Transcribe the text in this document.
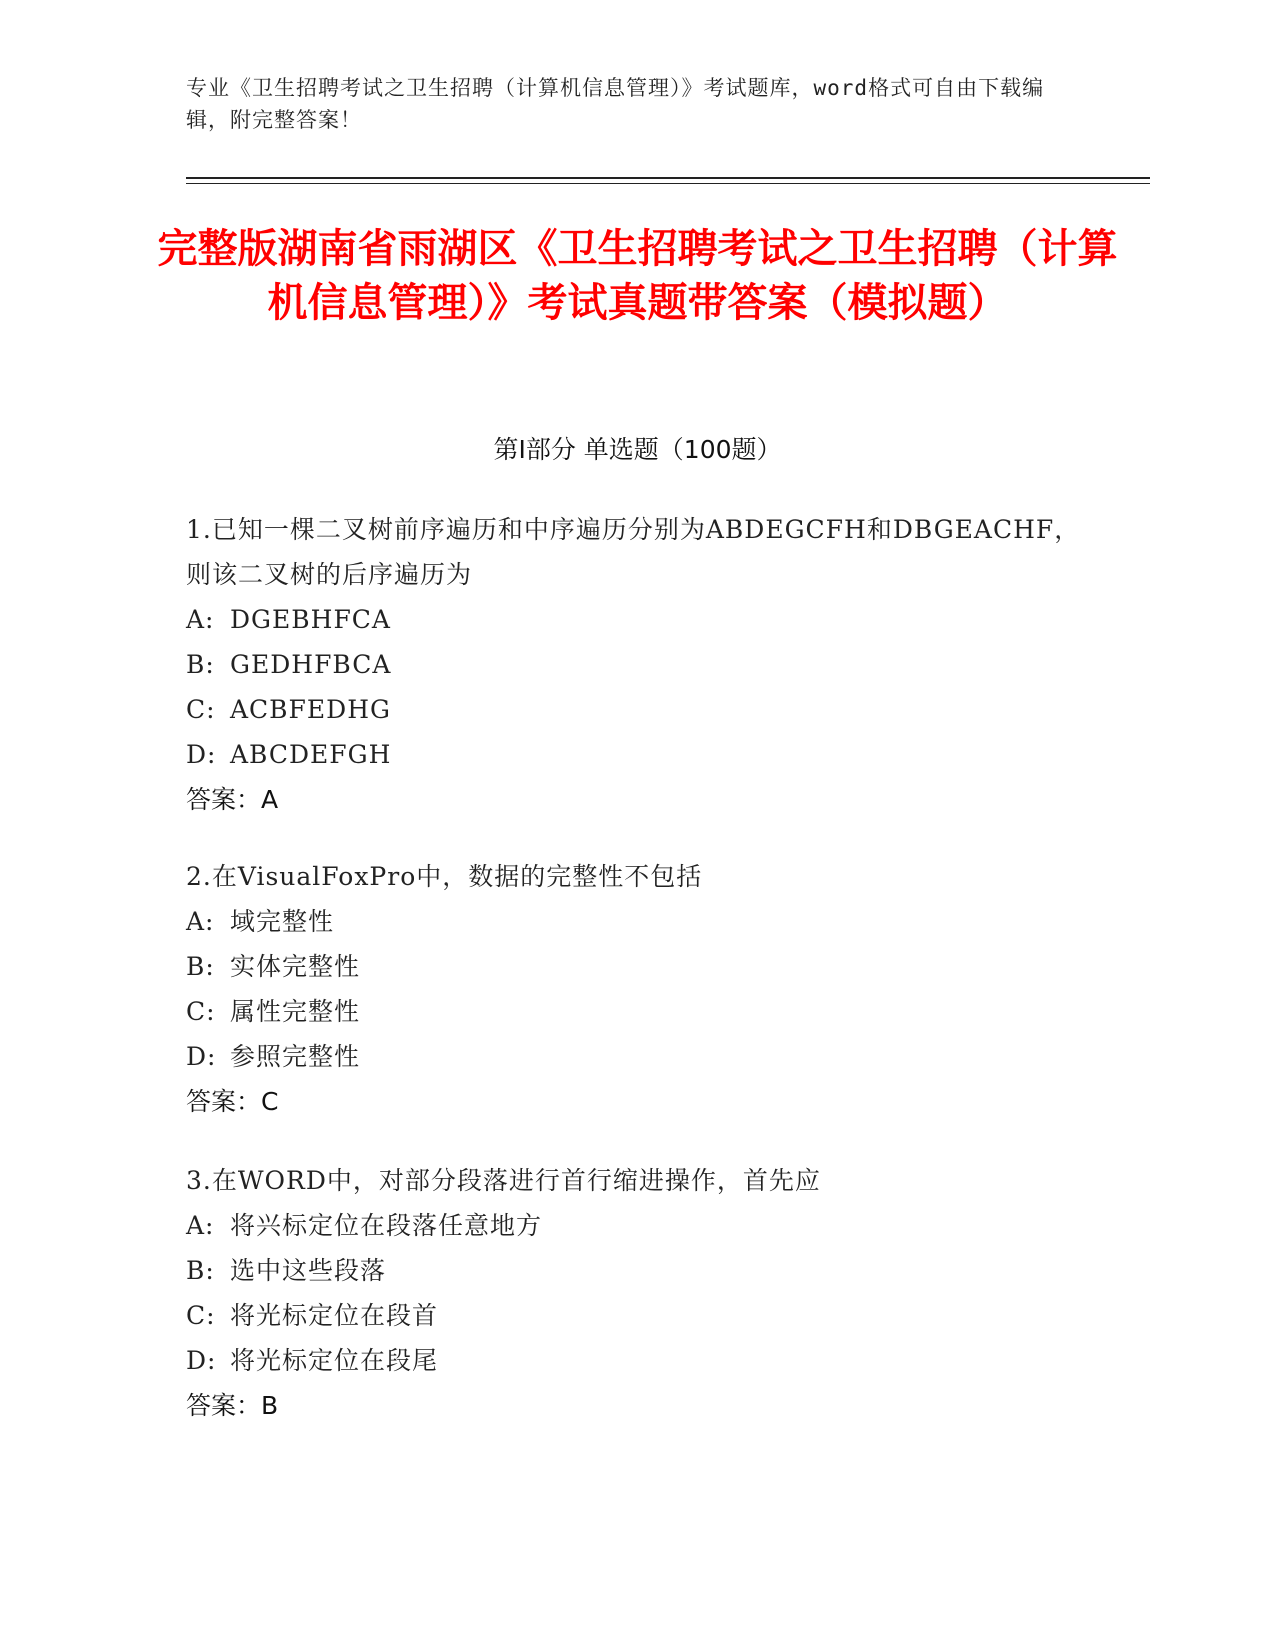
专业《卫生招聘考试之卫生招聘（计算机信息管理）》考试题库，word格式可自由下载编辑，附完整答案！
完整版湖南省雨湖区《卫生招聘考试之卫生招聘（计算机信息管理）》考试真题带答案（模拟题）
第Ⅰ部分 单选题（100题）
1.已知一棵二叉树前序遍历和中序遍历分别为ABDEGCFH和DBGEACHF，则该二叉树的后序遍历为
A: DGEBHFCA
B: GEDHFBCA
C: ACBFEDHG
D: ABCDEFGH
答案：A
2.在VisualFoxPro中，数据的完整性不包括
A: 域完整性
B: 实体完整性
C: 属性完整性
D: 参照完整性
答案：C
3.在WORD中，对部分段落进行首行缩进操作，首先应
A: 将兴标定位在段落任意地方
B: 选中这些段落
C: 将光标定位在段首
D: 将光标定位在段尾
答案：B
